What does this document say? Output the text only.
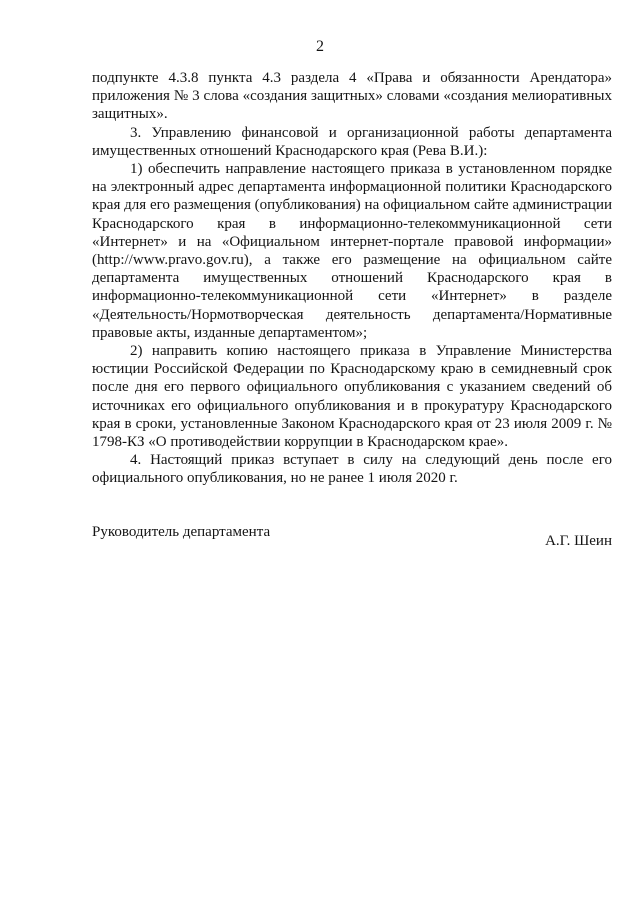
2

подпункте 4.3.8 пункта 4.3 раздела 4 «Права и обязанности Арендатора» приложения № 3 слова «создания защитных» словами «создания мелиоративных защитных».

3. Управлению финансовой и организационной работы департамента имущественных отношений Краснодарского края (Рева В.И.):

1) обеспечить направление настоящего приказа в установленном порядке на электронный адрес департамента информационной политики Краснодарского края для его размещения (опубликования) на официальном сайте администрации Краснодарского края в информационно-телекоммуникационной сети «Интернет» и на «Официальном интернет-портале правовой информации» (http://www.pravo.gov.ru), а также его размещение на официальном сайте департамента имущественных отношений Краснодарского края в информационно-телекоммуникационной сети «Интернет» в разделе «Деятельность/Нормотворческая деятельность департамента/Нормативные правовые акты, изданные департаментом»;

2) направить копию настоящего приказа в Управление Министерства юстиции Российской Федерации по Краснодарскому краю в семидневный срок после дня его первого официального опубликования с указанием сведений об источниках его официального опубликования и в прокуратуру Краснодарского края в сроки, установленные Законом Краснодарского края от 23 июля 2009 г. № 1798-КЗ «О противодействии коррупции в Краснодарском крае».

4. Настоящий приказ вступает в силу на следующий день после его официального опубликования, но не ранее 1 июля 2020 г.

Руководитель департамента
А.Г. Шеин
